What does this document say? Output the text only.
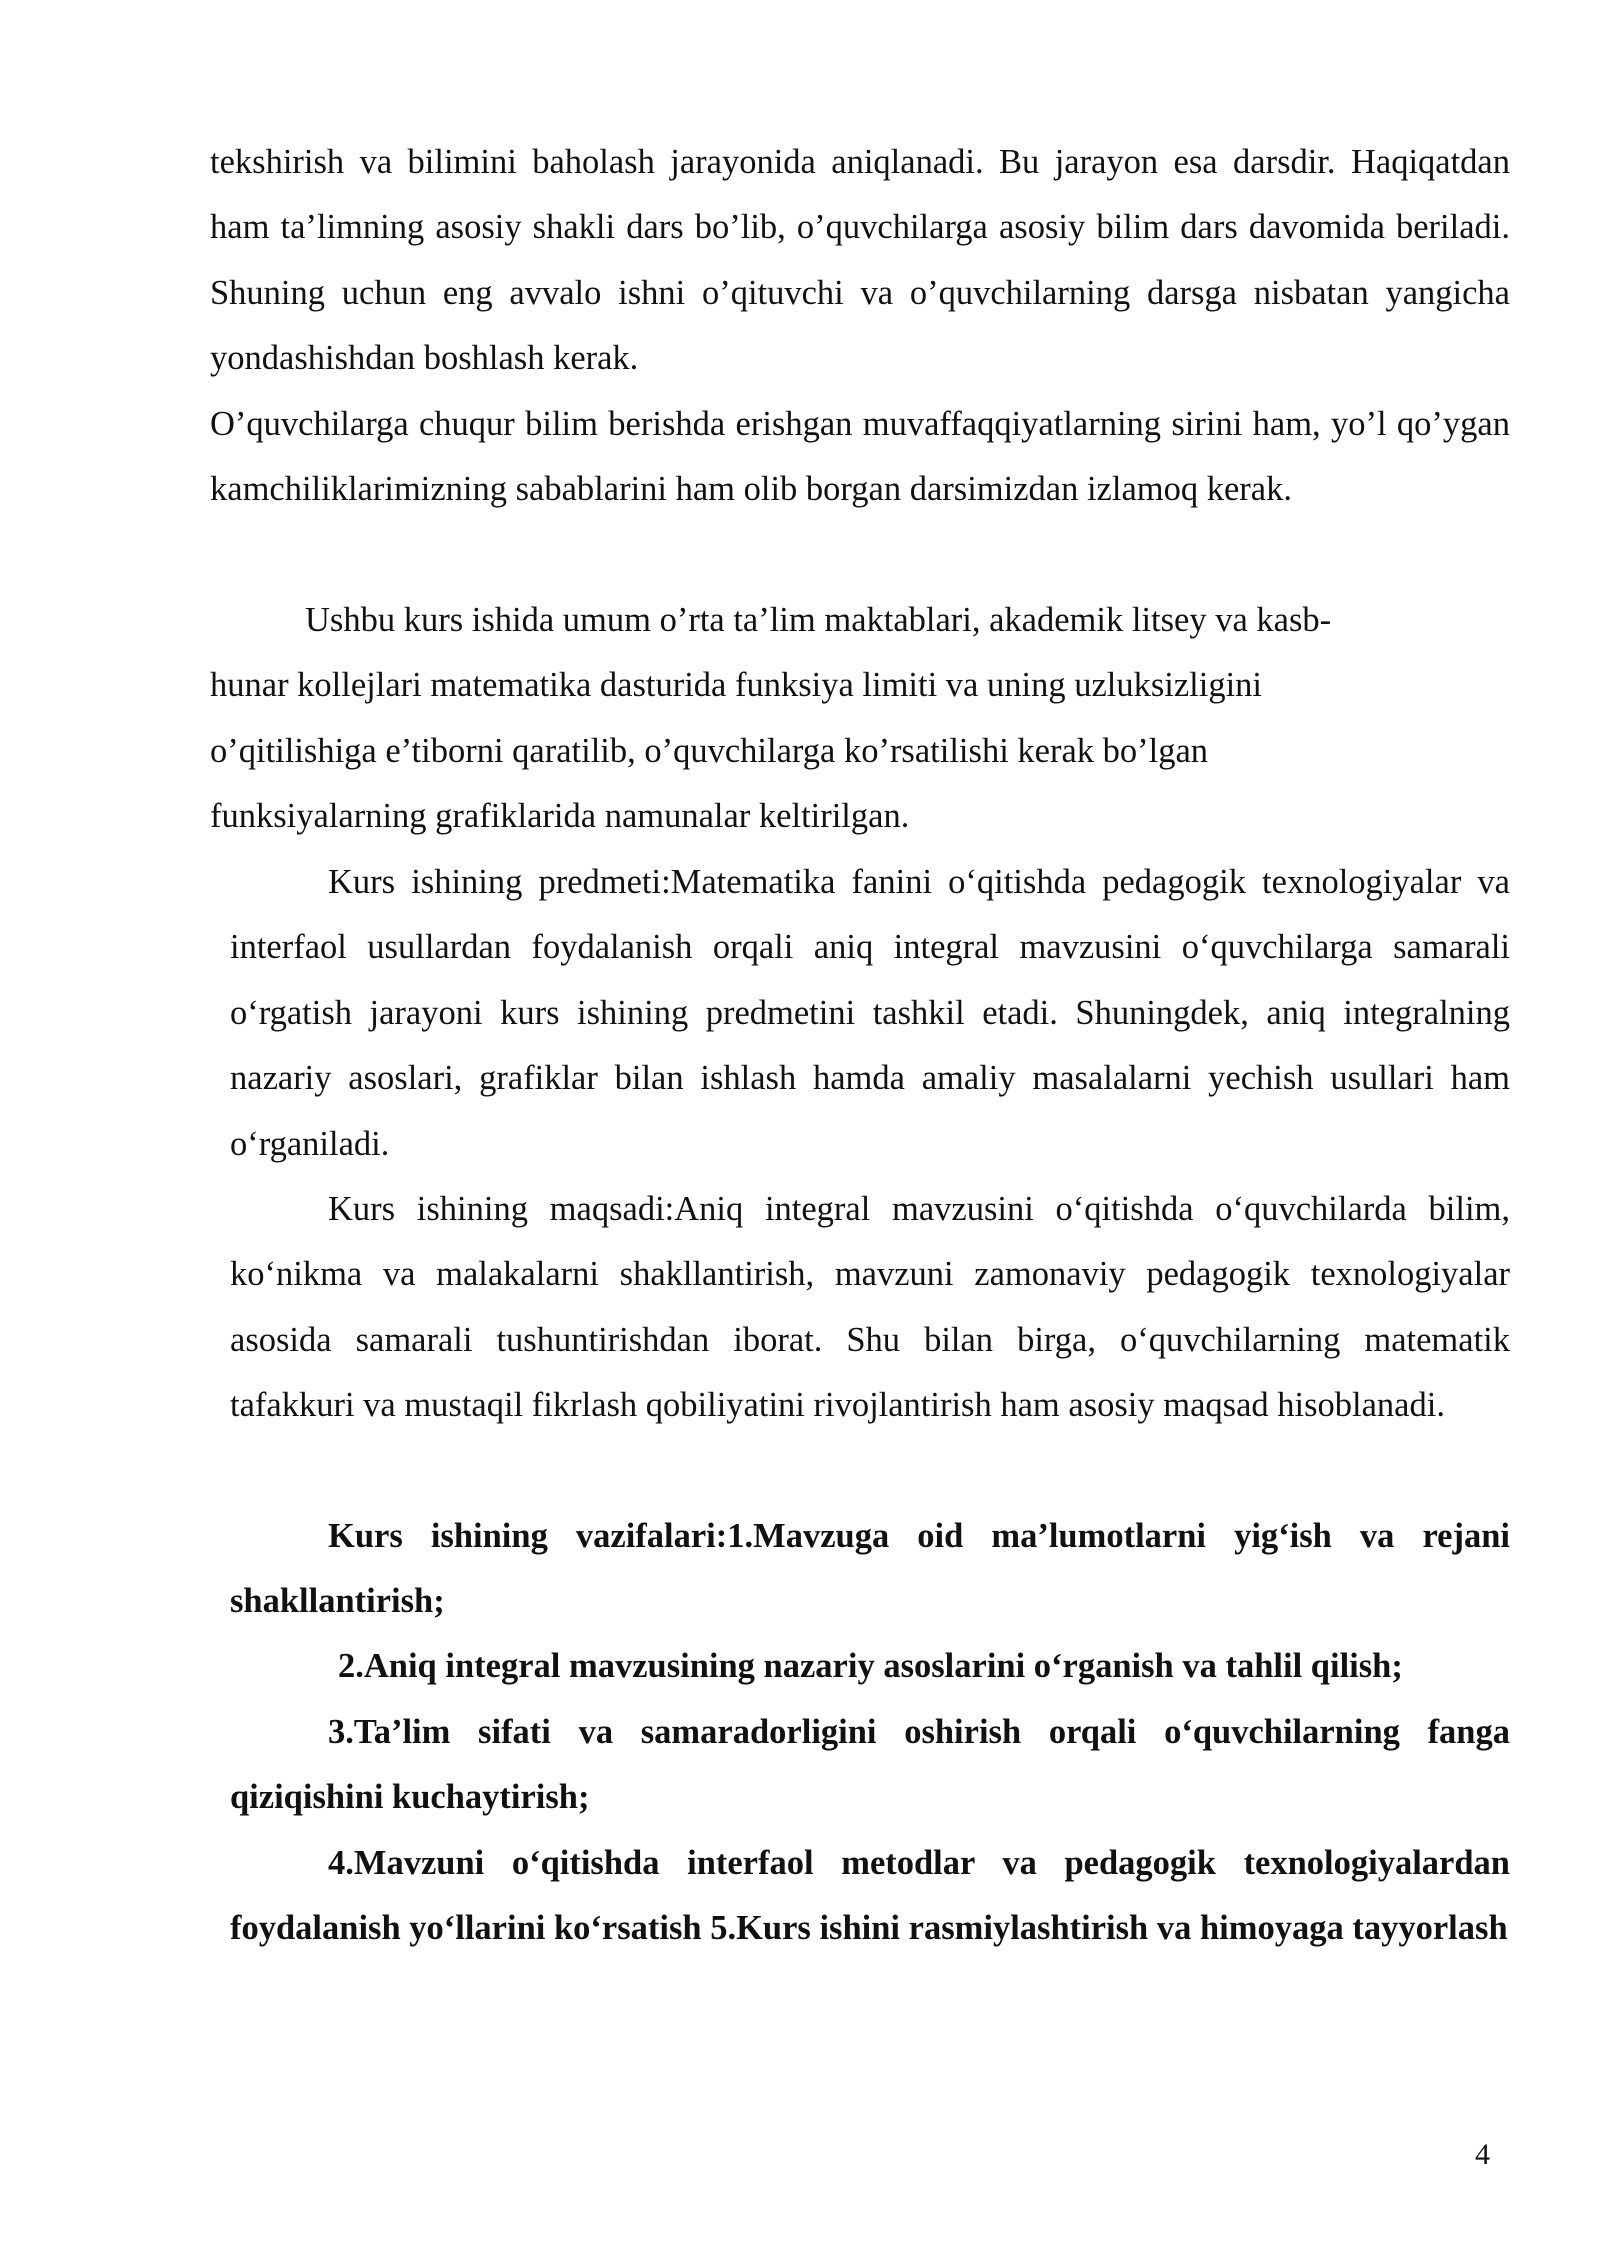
tekshirish va bilimini baholash jarayonida aniqlanadi. Bu jarayon esa darsdir. Haqiqatdan ham ta’limning asosiy shakli dars bo’lib, o’quvchilarga asosiy bilim dars davomida beriladi. Shuning uchun eng avvalo ishni o’qituvchi va o’quvchilarning darsga nisbatan yangicha yondashishdan boshlash kerak.

O’quvchilarga chuqur bilim berishda erishgan muvaffaqqiyatlarning sirini ham, yo’l qo’ygan kamchiliklarimizning sabablarini ham olib borgan darsimizdan izlamoq kerak.

Ushbu kurs ishida umum o’rta ta’lim maktablari, akademik litsey va kasb-
hunar kollejlari matematika dasturida funksiya limiti va uning uzluksizligini
o’qitilishiga e’tiborni qaratilib, o’quvchilarga ko’rsatilishi kerak bo’lgan
funksiyalarning grafiklarida namunalar keltirilgan.

Kurs ishining predmeti:Matematika fanini o‘qitishda pedagogik texnologiyalar va interfaol usullardan foydalanish orqali aniq integral mavzusini o‘quvchilarga samarali o‘rgatish jarayoni kurs ishining predmetini tashkil etadi. Shuningdek, aniq integralning nazariy asoslari, grafiklar bilan ishlash hamda amaliy masalalarni yechish usullari ham o‘rganiladi.

Kurs ishining maqsadi:Aniq integral mavzusini o‘qitishda o‘quvchilarda bilim, ko‘nikma va malakalarni shakllantirish, mavzuni zamonaviy pedagogik texnologiyalar asosida samarali tushuntirishdan iborat. Shu bilan birga, o‘quvchilarning matematik tafakkuri va mustaqil fikrlash qobiliyatini rivojlantirish ham asosiy maqsad hisoblanadi.

Kurs ishining vazifalari:1.Mavzuga oid ma’lumotlarni yig‘ish va rejani shakllantirish;

2.Aniq integral mavzusining nazariy asoslarini o‘rganish va tahlil qilish;

3.Ta’lim sifati va samaradorligini oshirish orqali o‘quvchilarning fanga qiziqishini kuchaytirish;

4.Mavzuni o‘qitishda interfaol metodlar va pedagogik texnologiyalardan foydalanish yo‘llarini ko‘rsatish 5.Kurs ishini rasmiylashtirish va himoyaga tayyorlash

4
